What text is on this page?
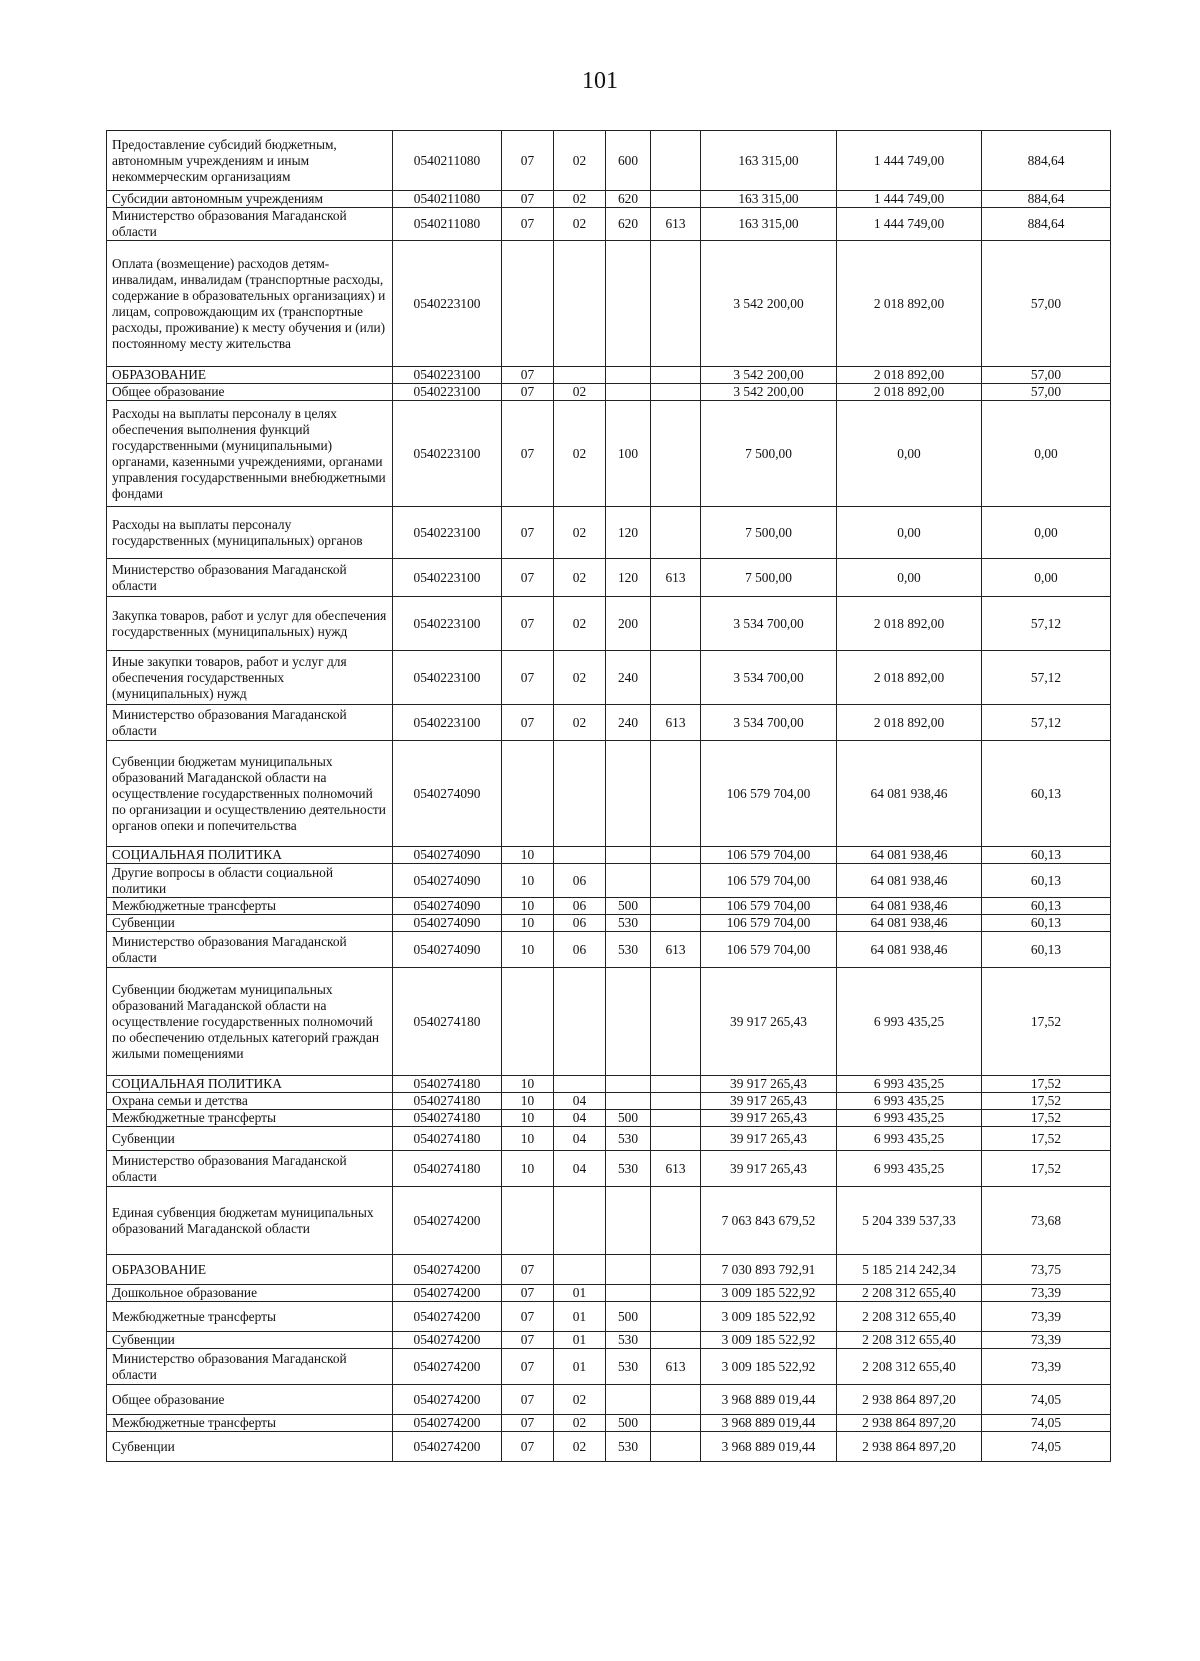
101
Предоставление субсидий бюджетным, автономным учреждениям и иным некоммерческим организациям	0540211080	07	02	600		163 315,00	1 444 749,00	884,64
Субсидии автономным учреждениям	0540211080	07	02	620		163 315,00	1 444 749,00	884,64
Министерство образования Магаданской области	0540211080	07	02	620	613	163 315,00	1 444 749,00	884,64
Оплата (возмещение) расходов детям-инвалидам, инвалидам (транспортные расходы, содержание в образовательных организациях) и лицам, сопровождающим их (транспортные расходы, проживание) к месту обучения и (или) постоянному месту жительства	0540223100					3 542 200,00	2 018 892,00	57,00
ОБРАЗОВАНИЕ	0540223100	07				3 542 200,00	2 018 892,00	57,00
Общее образование	0540223100	07	02			3 542 200,00	2 018 892,00	57,00
Расходы на выплаты персоналу в целях обеспечения выполнения функций государственными (муниципальными) органами, казенными учреждениями, органами управления государственными внебюджетными фондами	0540223100	07	02	100		7 500,00	0,00	0,00
Расходы на выплаты персоналу государственных (муниципальных) органов	0540223100	07	02	120		7 500,00	0,00	0,00
Министерство образования Магаданской области	0540223100	07	02	120	613	7 500,00	0,00	0,00
Закупка товаров, работ и услуг для обеспечения государственных (муниципальных) нужд	0540223100	07	02	200		3 534 700,00	2 018 892,00	57,12
Иные закупки товаров, работ и услуг для обеспечения государственных (муниципальных) нужд	0540223100	07	02	240		3 534 700,00	2 018 892,00	57,12
Министерство образования Магаданской области	0540223100	07	02	240	613	3 534 700,00	2 018 892,00	57,12
Субвенции бюджетам муниципальных образований Магаданской области на осуществление государственных полномочий по организации и осуществлению деятельности органов опеки и попечительства	0540274090					106 579 704,00	64 081 938,46	60,13
СОЦИАЛЬНАЯ ПОЛИТИКА	0540274090	10				106 579 704,00	64 081 938,46	60,13
Другие вопросы в области социальной политики	0540274090	10	06			106 579 704,00	64 081 938,46	60,13
Межбюджетные трансферты	0540274090	10	06	500		106 579 704,00	64 081 938,46	60,13
Субвенции	0540274090	10	06	530		106 579 704,00	64 081 938,46	60,13
Министерство образования Магаданской области	0540274090	10	06	530	613	106 579 704,00	64 081 938,46	60,13
Субвенции бюджетам муниципальных образований Магаданской области на осуществление государственных полномочий по обеспечению отдельных категорий граждан жилыми помещениями	0540274180					39 917 265,43	6 993 435,25	17,52
СОЦИАЛЬНАЯ ПОЛИТИКА	0540274180	10				39 917 265,43	6 993 435,25	17,52
Охрана семьи и детства	0540274180	10	04			39 917 265,43	6 993 435,25	17,52
Межбюджетные трансферты	0540274180	10	04	500		39 917 265,43	6 993 435,25	17,52
Субвенции	0540274180	10	04	530		39 917 265,43	6 993 435,25	17,52
Министерство образования Магаданской области	0540274180	10	04	530	613	39 917 265,43	6 993 435,25	17,52
Единая субвенция бюджетам муниципальных образований Магаданской области	0540274200					7 063 843 679,52	5 204 339 537,33	73,68
ОБРАЗОВАНИЕ	0540274200	07				7 030 893 792,91	5 185 214 242,34	73,75
Дошкольное образование	0540274200	07	01			3 009 185 522,92	2 208 312 655,40	73,39
Межбюджетные трансферты	0540274200	07	01	500		3 009 185 522,92	2 208 312 655,40	73,39
Субвенции	0540274200	07	01	530		3 009 185 522,92	2 208 312 655,40	73,39
Министерство образования Магаданской области	0540274200	07	01	530	613	3 009 185 522,92	2 208 312 655,40	73,39
Общее образование	0540274200	07	02			3 968 889 019,44	2 938 864 897,20	74,05
Межбюджетные трансферты	0540274200	07	02	500		3 968 889 019,44	2 938 864 897,20	74,05
Субвенции	0540274200	07	02	530		3 968 889 019,44	2 938 864 897,20	74,05
